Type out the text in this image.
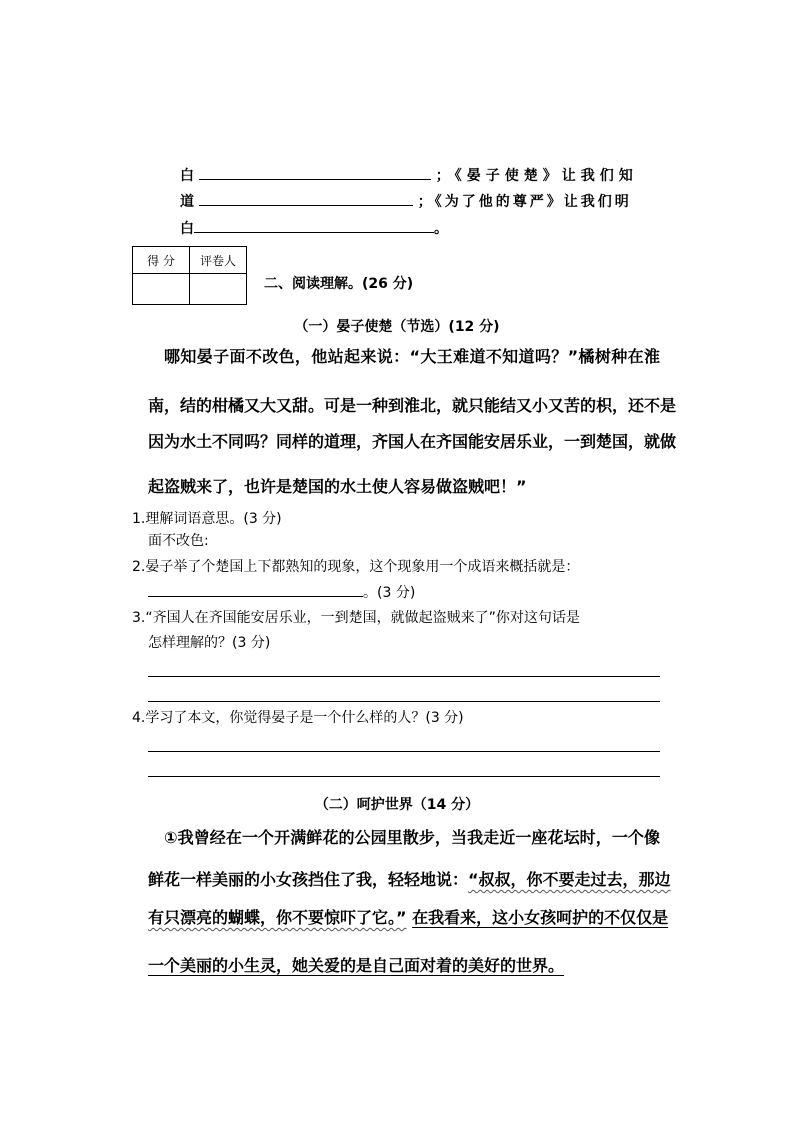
白	；《晏子使楚》让我们知
道	；《为了他的尊严》让我们明
白	。
得 分	评卷人

二、阅读理解。(26 分)
（一）晏子使楚（节选）(12 分)
哪知晏子面不改色，他站起来说：“大王难道不知道吗？”橘树种在淮
南，结的柑橘又大又甜。可是一种到淮北，就只能结又小又苦的枳，还不是
因为水土不同吗？同样的道理，齐国人在齐国能安居乐业，一到楚国，就做
起盗贼来了，也许是楚国的水土使人容易做盗贼吧！”
1.理解词语意思。(3 分)
面不改色:
2.晏子举了个楚国上下都熟知的现象，这个现象用一个成语来概括就是：
。(3 分)
3.“齐国人在齐国能安居乐业，一到楚国，就做起盗贼来了”你对这句话是
怎样理解的？(3 分)
4.学习了本文，你觉得晏子是一个什么样的人？(3 分)
（二）呵护世界（14 分）
①我曾经在一个开满鲜花的公园里散步，当我走近一座花坛时，一个像
鲜花一样美丽的小女孩挡住了我，轻轻地说：“叔叔，你不要走过去，那边
有只漂亮的蝴蝶，你不要惊吓了它。” 在我看来，这小女孩呵护的不仅仅是
一个美丽的小生灵，她关爱的是自己面对着的美好的世界。
